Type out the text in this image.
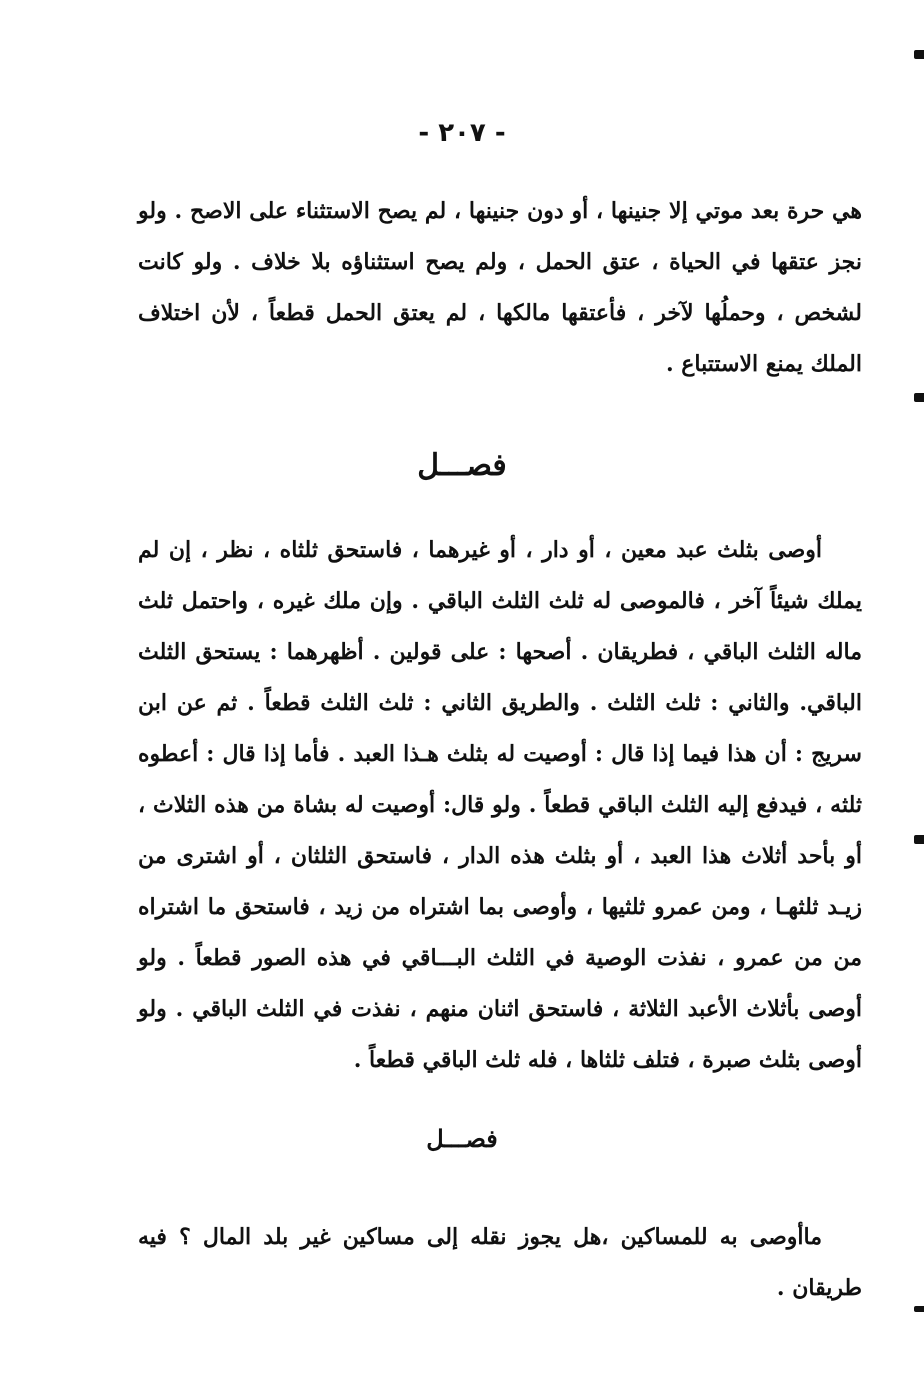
- ٢٠٧ -

هي حرة بعد موتي إلا جنينها ، أو دون جنينها ، لم يصح الاستثناء على الاصح . ولو نجز عتقها في الحياة ، عتق الحمل ، ولم يصح استثناؤه بلا خلاف . ولو كانت لشخص ، وحملُها لآخر ، فأعتقها مالكها ، لم يعتق الحمل قطعاً ، لأن اختلاف الملك يمنع الاستتباع .

فصـــل

أوصى بثلث عبد معين ، أو دار ، أو غيرهما ، فاستحق ثلثاه ، نظر ، إن لم يملك شيئاً آخر ، فالموصى له ثلث الثلث الباقي . وإن ملك غيره ، واحتمل ثلث ماله الثلث الباقي ، فطريقان . أصحها : على قولين . أظهرهما : يستحق الثلث الباقي. والثاني : ثلث الثلث . والطريق الثاني : ثلث الثلث قطعاً . ثم عن ابن سريج : أن هذا فيما إذا قال : أوصيت له بثلث هـذا العبد . فأما إذا قال : أعطوه ثلثه ، فيدفع إليه الثلث الباقي قطعاً . ولو قال: أوصيت له بشاة من هذه الثلاث ، أو بأحد أثلاث هذا العبد ، أو بثلث هذه الدار ، فاستحق الثلثان ، أو اشترى من زيـد ثلثهـا ، ومن عمرو ثلثيها ، وأوصى بما اشتراه من زيد ، فاستحق ما اشتراه من من عمرو ، نفذت الوصية في الثلث البـــاقي في هذه الصور قطعاً . ولو أوصى بأثلاث الأعبد الثلاثة ، فاستحق اثنان منهم ، نفذت في الثلث الباقي . ولو أوصى بثلث صبرة ، فتلف ثلثاها ، فله ثلث الباقي قطعاً .

فصـــل

ماأوصى به للمساكين ،هل يجوز نقله إلى مساكين غير بلد المال ؟ فيه طريقان .
